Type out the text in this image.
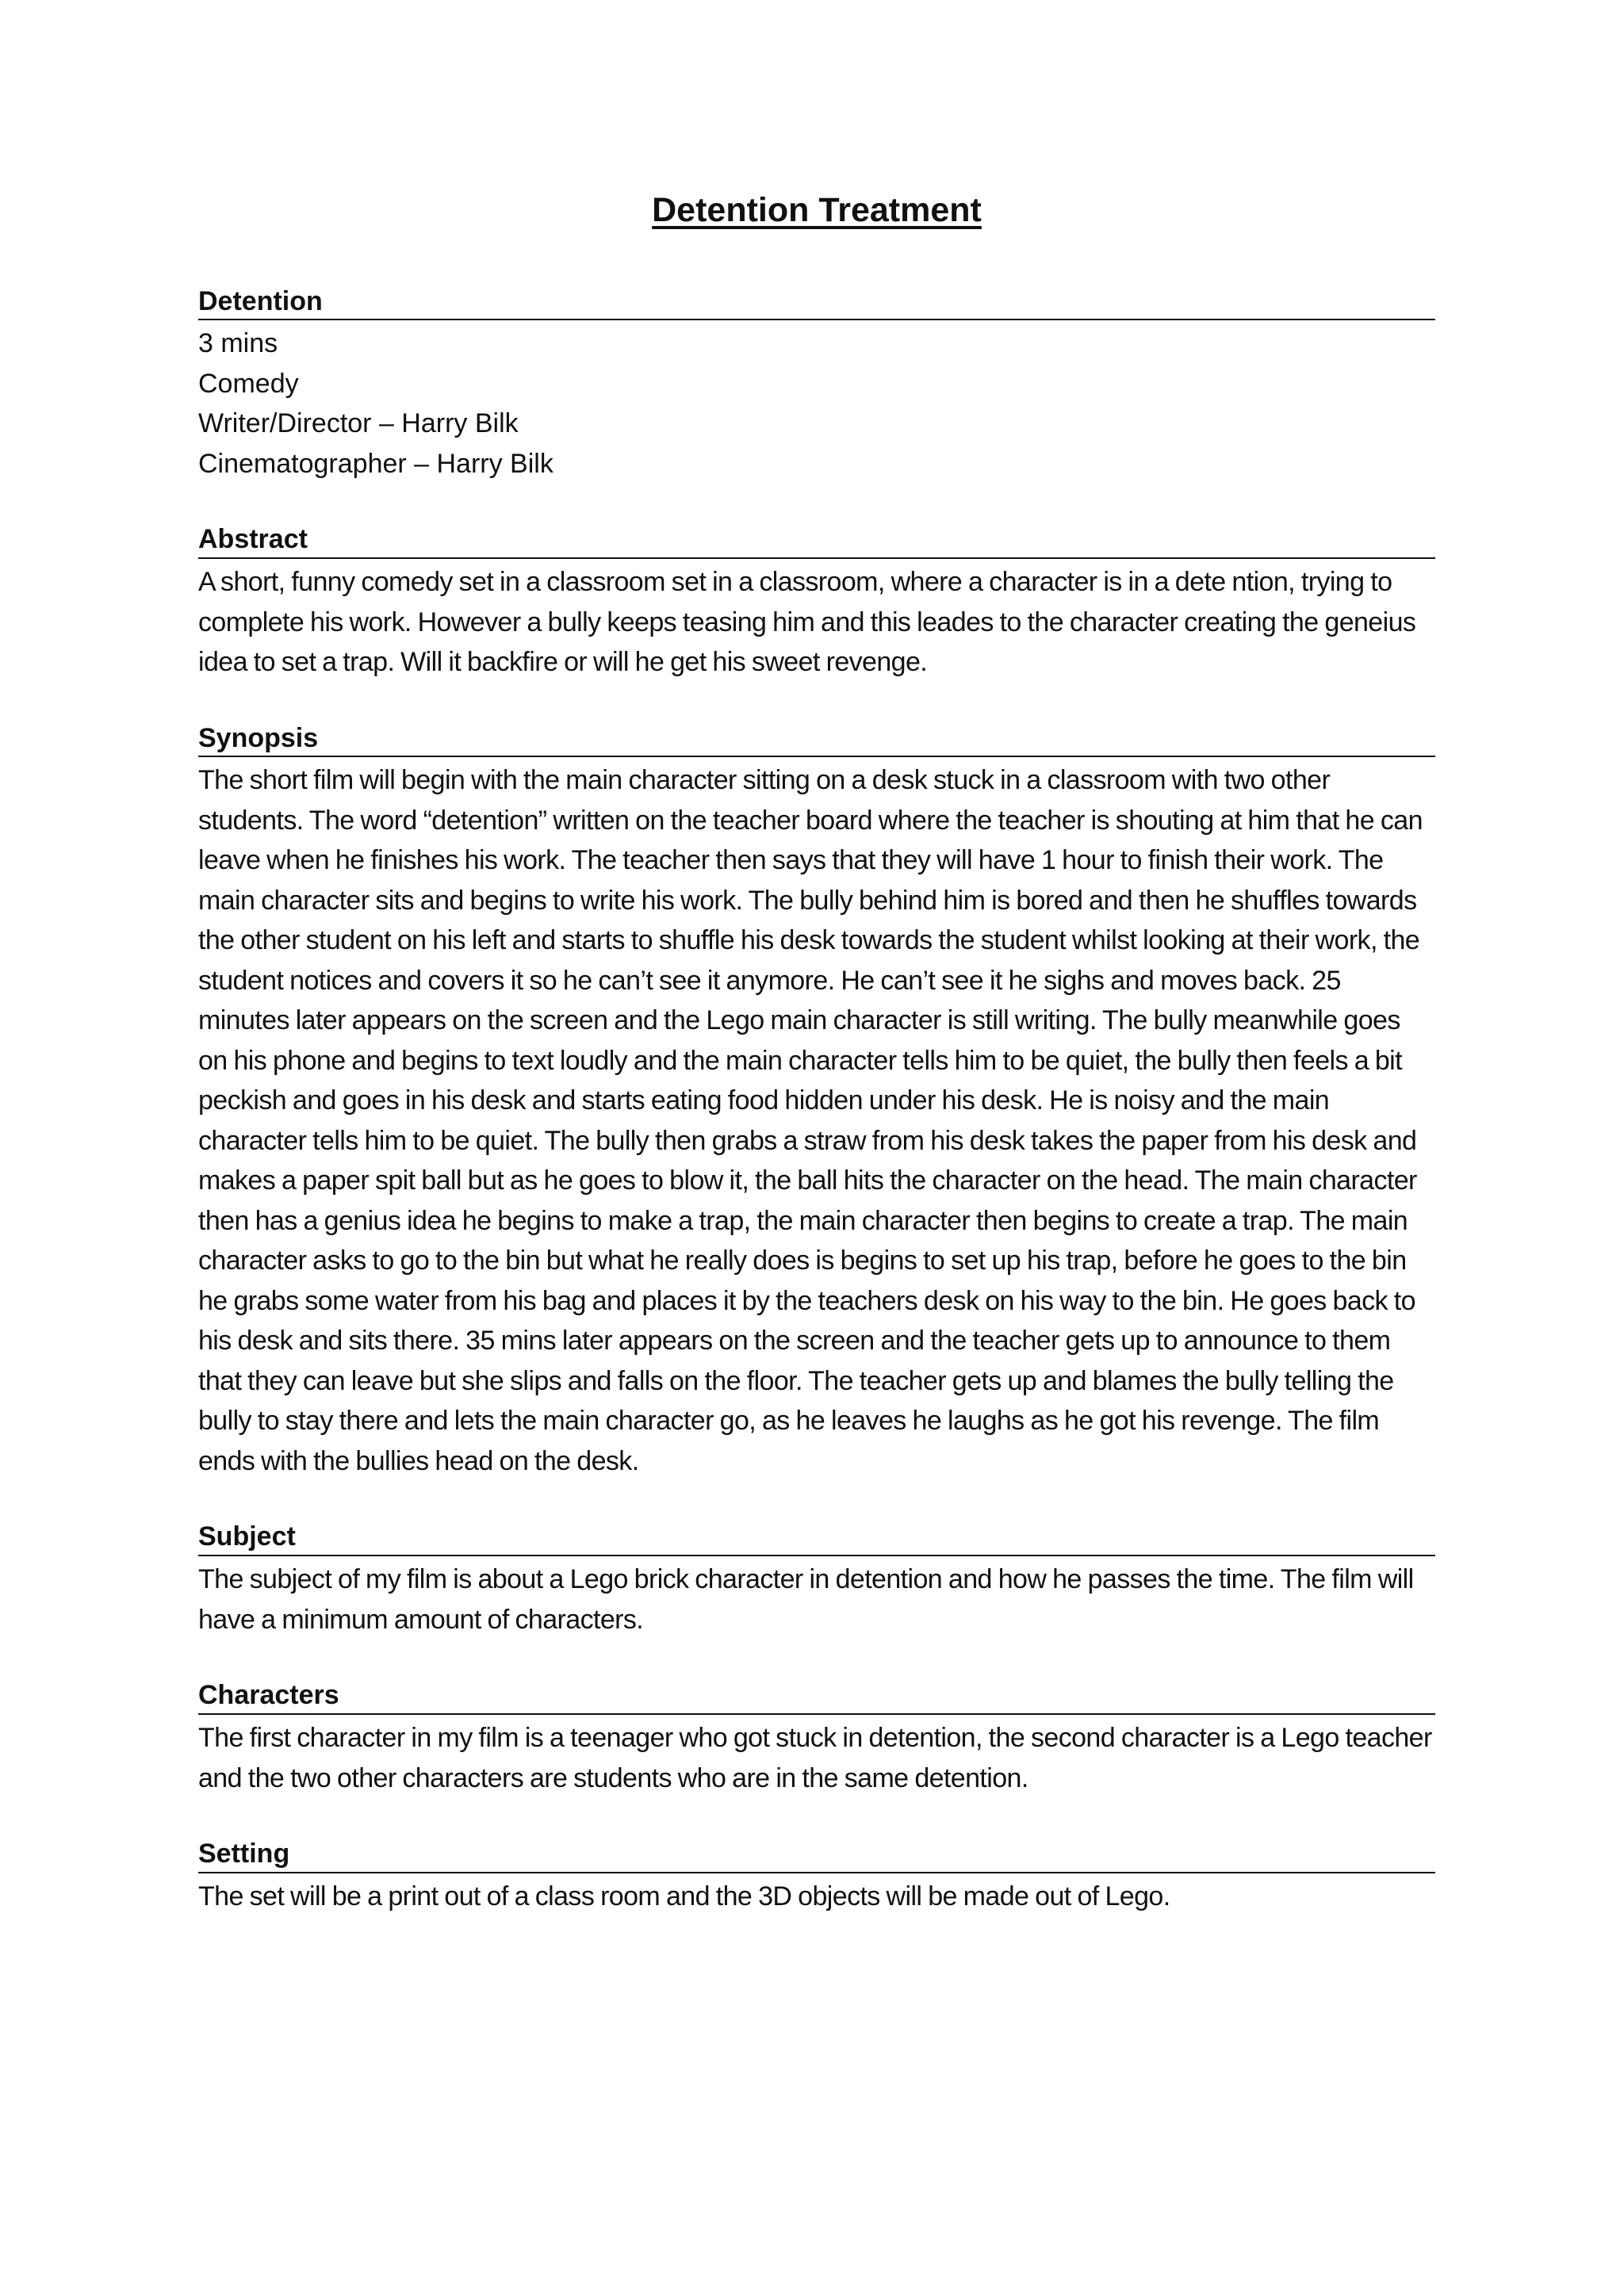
Detention Treatment
Detention

3 mins

Comedy

Writer/Director – Harry Bilk

Cinematographer – Harry Bilk

Abstract

A short, funny comedy set in a classroom set in a classroom, where a character is in a dete ntion, trying to complete his work. However a bully keeps teasing him and this leades to the character creating the geneius idea to set a trap. Will it backfire or will he get his sweet revenge.

Synopsis

The short film will begin with the main character sitting on a desk stuck in a classroom with two other students. The word “detention” written on the teacher board where the teacher is shouting at him that he can leave when he finishes his work. The teacher then says that they will have 1 hour to finish their work. The main character sits and begins to write his work. The bully behind him is bored and then he shuffles towards the other student on his left and starts to shuffle his desk towards the student whilst looking at their work, the student notices and covers it so he can’t see it anymore. He can’t see it he sighs and moves back. 25 minutes later appears on the screen and the Lego main character is still writing. The bully meanwhile goes on his phone and begins to text loudly and the main character tells him to be quiet, the bully then feels a bit peckish and goes in his desk and starts eating food hidden under his desk. He is noisy and the main character tells him to be quiet. The bully then grabs a straw from his desk takes the paper from his desk and makes a paper spit ball but as he goes to blow it, the ball hits the character on the head. The main character then has a genius idea he begins to make a trap, the main character then begins to create a trap. The main character asks to go to the bin but what he really does is begins to set up his trap, before he goes to the bin he grabs some water from his bag and places it by the teachers desk on his way to the bin. He goes back to his desk and sits there. 35 mins later appears on the screen and the teacher gets up to announce to them that they can leave but she slips and falls on the floor. The teacher gets up and blames the bully telling the bully to stay there and lets the main character go, as he leaves he laughs as he got his revenge. The film ends with the bullies head on the desk.

Subject

The subject of my film is about a Lego brick character in detention and how he passes the time. The film will have a minimum amount of characters.

Characters

The first character in my film is a teenager who got stuck in detention, the second character is a Lego teacher and the two other characters are students who are in the same detention.

Setting

The set will be a print out of a class room and the 3D objects will be made out of Lego.
